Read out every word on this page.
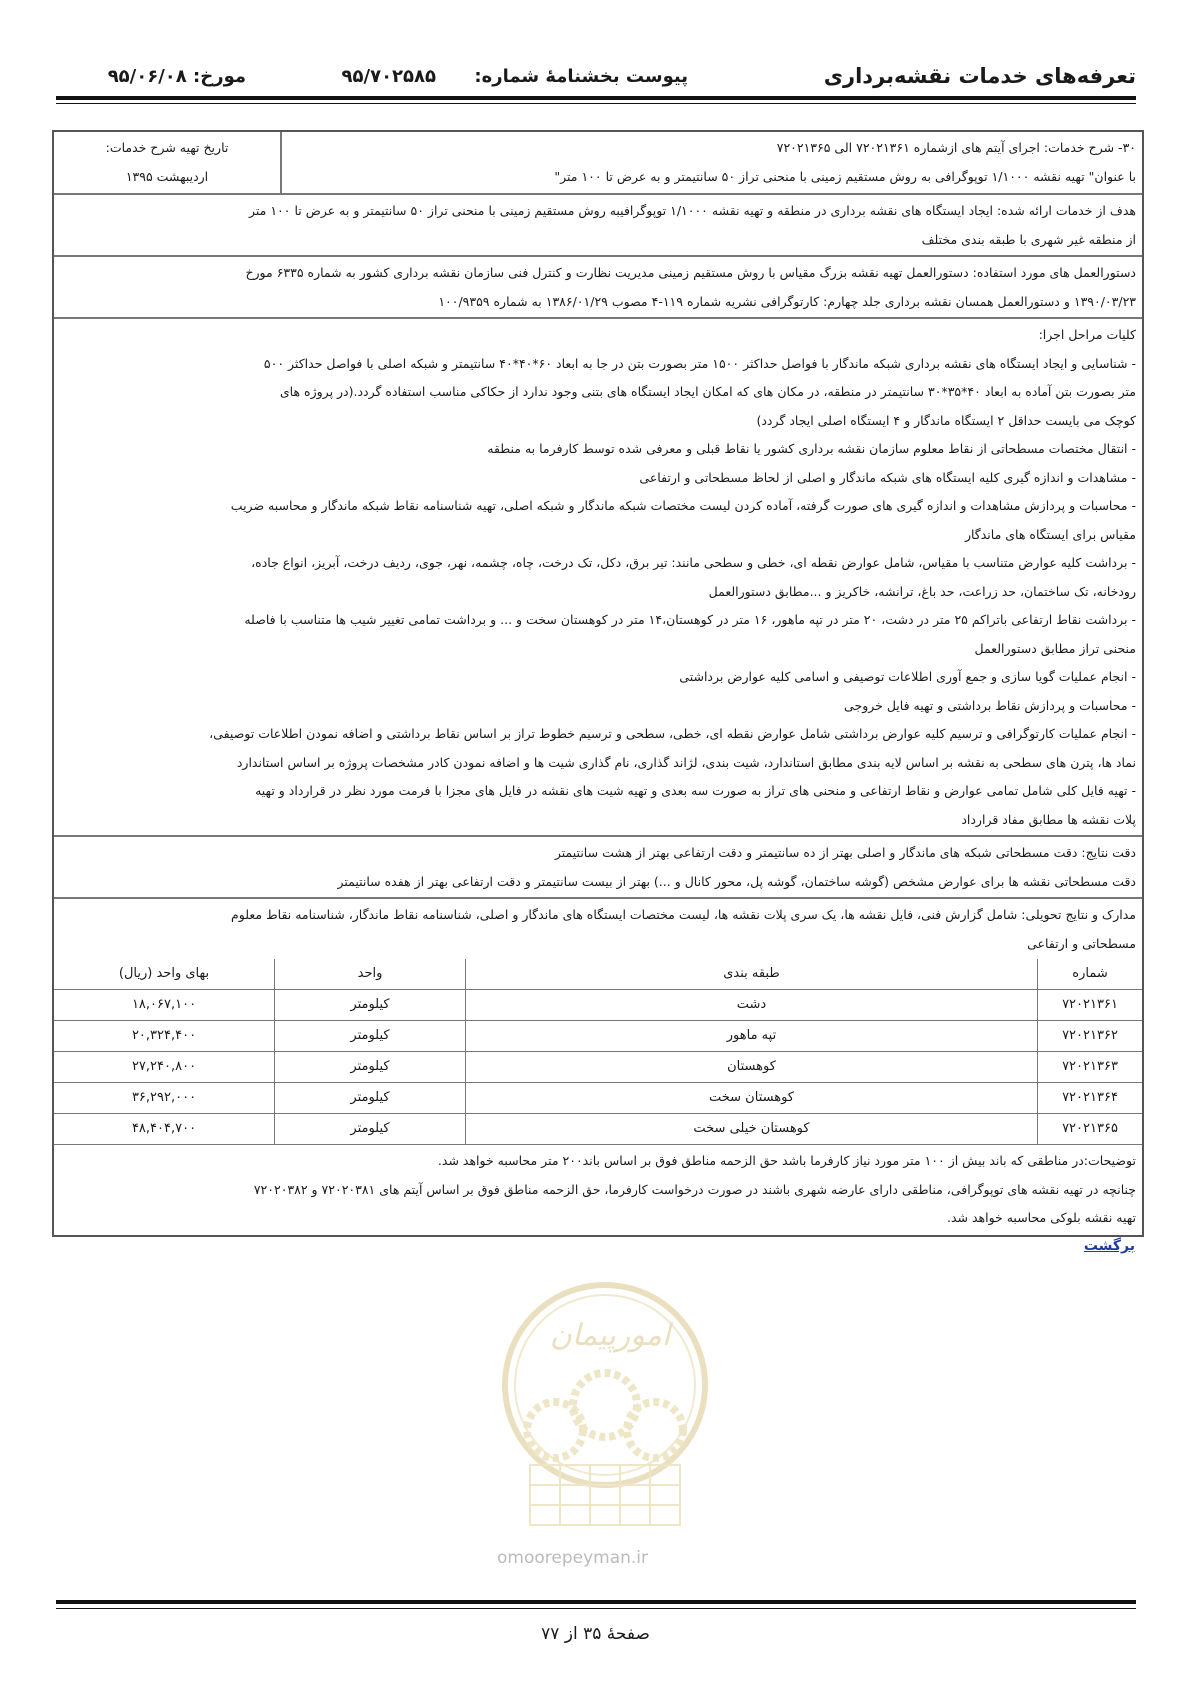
تعرفه‌های خدمات نقشه‌برداری
پیوست بخشنامۀ شماره:
۹۵/۷۰۲۵۸۵
مورخ: ۹۵/۰۶/۰۸
۳۰- شرح خدمات: اجرای آیتم های ازشماره ۷۲۰۲۱۳۶۱ الی ۷۲۰۲۱۳۶۵
با عنوان" تهیه نقشه ۱/۱۰۰۰ توپوگرافی به روش مستقیم زمینی با منحنی تراز ۵۰ سانتیمتر و به عرض تا ۱۰۰ متر"
تاریخ تهیه شرح خدمات:
اردیبهشت ۱۳۹۵
هدف از خدمات ارائه شده: ایجاد ایستگاه های نقشه برداری در منطقه و تهیه نقشه ۱/۱۰۰۰ توپوگرافیبه روش مستقیم زمینی با منحنی تراز ۵۰ سانتیمتر و به عرض تا ۱۰۰ متر
از منطقه غیر شهری با طبقه بندی مختلف
دستورالعمل های مورد استفاده: دستورالعمل تهیه نقشه بزرگ مقیاس با روش مستقیم زمینی مدیریت نظارت و کنترل فنی سازمان نقشه برداری کشور به شماره ۶۳۳۵ مورخ
۱۳۹۰/۰۳/۲۳ و دستورالعمل همسان نقشه برداری جلد چهارم: کارتوگرافی نشریه شماره ۱۱۹-۴ مصوب ۱۳۸۶/۰۱/۲۹ به شماره ۱۰۰/۹۳۵۹
کلیات مراحل اجرا:
- شناسایی و ایجاد ایستگاه های نقشه برداری شبکه ماندگار با فواصل حداکثر ۱۵۰۰ متر بصورت بتن در جا به ابعاد ۶۰*۴۰*۴۰ سانتیمتر و شبکه اصلی با فواصل حداکثر ۵۰۰
متر بصورت بتن آماده به ابعاد ۴۰*۳۵*۳۰ سانتیمتر در منطقه، در مکان های که امکان ایجاد ایستگاه های بتنی وجود ندارد از حکاکی مناسب استفاده گردد.(در پروژه های
کوچک می بایست حداقل ۲ ایستگاه ماندگار و ۴ ایستگاه اصلی ایجاد گردد)
- انتقال مختصات مسطحاتی از نقاط معلوم سازمان نقشه برداری کشور یا نقاط قبلی و معرفی شده توسط کارفرما به منطقه
- مشاهدات و اندازه گیری کلیه ایستگاه های شبکه ماندگار و اصلی از لحاظ مسطحاتی و ارتفاعی
- محاسبات و پردازش مشاهدات و اندازه گیری های صورت گرفته، آماده کردن لیست مختصات شبکه ماندگار و شبکه اصلی، تهیه شناسنامه نقاط شبکه ماندگار و محاسبه ضریب
مقیاس برای ایستگاه های ماندگار
- برداشت کلیه عوارض متناسب با مقیاس، شامل عوارض نقطه ای، خطی و سطحی مانند: تیر برق، دکل، تک درخت، چاه، چشمه، نهر، جوی، ردیف درخت، آبریز، انواع جاده،
رودخانه، تک ساختمان، حد زراعت، حد باغ، ترانشه، خاکریز و ...مطابق دستورالعمل
- برداشت نقاط ارتفاعی باتراکم ۲۵ متر در دشت، ۲۰ متر در تپه ماهور، ۱۶ متر در کوهستان،۱۴ متر در کوهستان سخت و ... و برداشت تمامی تغییر شیب ها متناسب با فاصله
منحنی تراز مطابق دستورالعمل
- انجام عملیات گویا سازی و جمع آوری اطلاعات توصیفی و اسامی کلیه عوارض برداشتی
- محاسبات و پردازش نقاط برداشتی و تهیه فایل خروجی
- انجام عملیات کارتوگرافی و ترسیم کلیه عوارض برداشتی شامل عوارض نقطه ای، خطی، سطحی و ترسیم خطوط تراز بر اساس نقاط برداشتی و اضافه نمودن اطلاعات توصیفی،
نماد ها، پترن های سطحی به نقشه بر اساس لایه بندی مطابق استاندارد، شیت بندی، لژاند گذاری، نام گذاری شیت ها و اضافه نمودن کادر مشخصات پروژه بر اساس استاندارد
- تهیه فایل کلی شامل تمامی عوارض و نقاط ارتفاعی و منحنی های تراز به صورت سه بعدی و تهیه شیت های نقشه در فایل های مجزا با فرمت مورد نظر در قرارداد و تهیه
پلات نقشه ها مطابق مفاد قرارداد
دقت نتایج: دقت مسطحاتی شبکه های ماندگار و اصلی بهتر از ده سانتیمتر و دقت ارتفاعی بهتر از هشت سانتیمتر
دقت مسطحاتی نقشه ها برای عوارض مشخص (گوشه ساختمان، گوشه پل، محور کانال و ...) بهتر از بیست سانتیمتر و دقت ارتفاعی بهتر از هفده سانتیمتر
مدارک و نتایج تحویلی: شامل گزارش فنی، فایل نقشه ها، یک سری پلات نقشه ها، لیست مختصات ایستگاه های ماندگار و اصلی، شناسنامه نقاط ماندگار، شناسنامه نقاط معلوم
مسطحاتی و ارتفاعی
شماره	طبقه بندی	واحد	بهای واحد (ریال)
۷۲۰۲۱۳۶۱	دشت	کیلومتر	۱۸,۰۶۷,۱۰۰
۷۲۰۲۱۳۶۲	تپه ماهور	کیلومتر	۲۰,۳۲۴,۴۰۰
۷۲۰۲۱۳۶۳	کوهستان	کیلومتر	۲۷,۲۴۰,۸۰۰
۷۲۰۲۱۳۶۴	کوهستان سخت	کیلومتر	۳۶,۲۹۲,۰۰۰
۷۲۰۲۱۳۶۵	کوهستان خیلی سخت	کیلومتر	۴۸,۴۰۴,۷۰۰
توضیحات:در مناطقی که باند بیش از ۱۰۰ متر مورد نیاز کارفرما باشد حق الزحمه مناطق فوق بر اساس باند۲۰۰ متر محاسبه خواهد شد.
چنانچه در تهیه نقشه های توپوگرافی، مناطقی دارای عارضه شهری باشند در صورت درخواست کارفرما، حق الزحمه مناطق فوق بر اساس آیتم های ۷۲۰۲۰۳۸۱ و ۷۲۰۲۰۳۸۲
تهیه نقشه بلوکی محاسبه خواهد شد.
برگشت
امورپیمان
omoorepeyman.ir
صفحۀ ۳۵ از ۷۷
